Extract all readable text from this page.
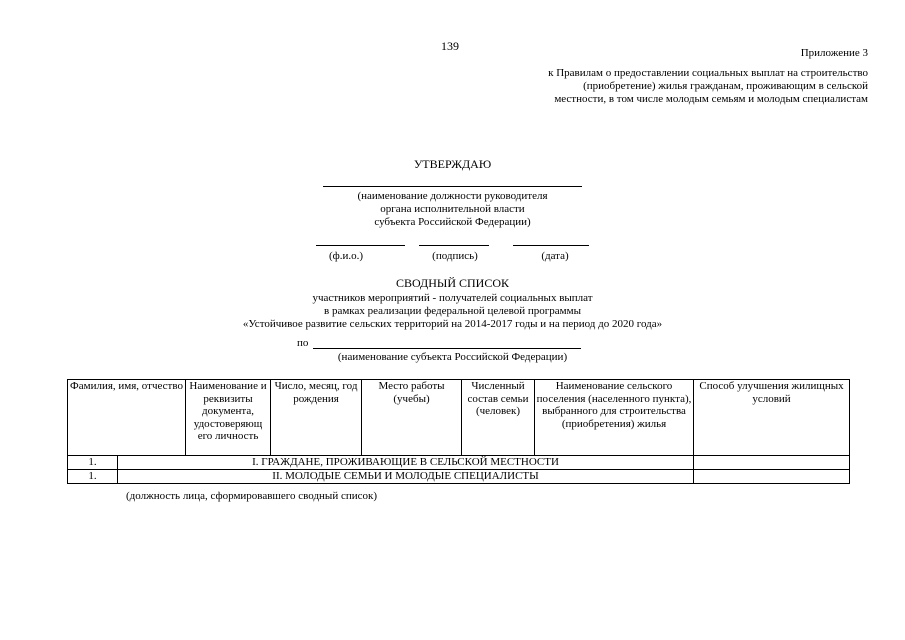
139	Приложение 3
к Правилам о предоставлении социальных выплат на строительство (приобретение) жилья гражданам, проживающим в сельской местности, в том числе молодым семьям и молодым специалистам
УТВЕРЖДАЮ
(наименование должности руководителя
органа исполнительной власти
субъекта Российской Федерации)
(ф.и.о.)	(подпись)	(дата)
СВОДНЫЙ СПИСОК
участников мероприятий - получателей социальных выплат
в рамках реализации федеральной целевой программы
«Устойчивое развитие сельских территорий на 2014-2017 годы и на период до 2020 года»
по
(наименование субъекта Российской Федерации)
Фамилия, имя, отчество		Наименование и реквизиты документа, удостоверяющ его личность	Число, месяц, год рождения	Место работы (учебы)	Численный состав семьи (человек)	Наименование сельского поселения (населенного пункта), выбранного для строительства (приобретения) жилья	Способ улучшения жилищных условий
1.	I. ГРАЖДАНЕ, ПРОЖИВАЮЩИЕ В СЕЛЬСКОЙ МЕСТНОСТИ						
1.	II. МОЛОДЫЕ СЕМЬИ И МОЛОДЫЕ СПЕЦИАЛИСТЫ						
(должность лица, сформировавшего сводный список)
